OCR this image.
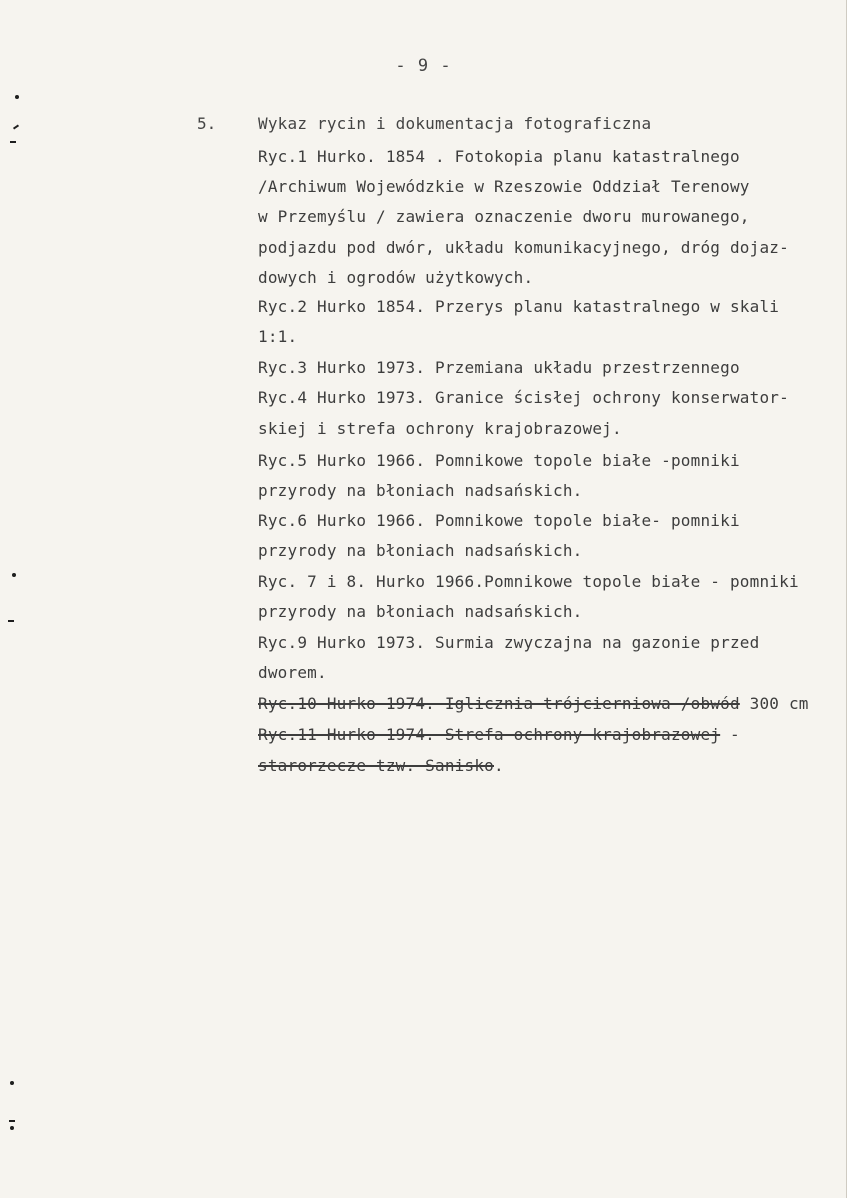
- 9 -
5.	Wykaz rycin i dokumentacja fotograficzna
Ryc.1 Hurko. 1854 . Fotokopia planu katastralnego
/Archiwum Wojewódzkie w Rzeszowie Oddział Terenowy
w Przemyślu / zawiera oznaczenie dworu murowanego,
podjazdu pod dwór, układu komunikacyjnego, dróg dojaz-
dowych i ogrodów użytkowych.
Ryc.2 Hurko 1854. Przerys planu katastralnego w skali
1:1.
Ryc.3 Hurko 1973. Przemiana układu przestrzennego
Ryc.4 Hurko 1973. Granice ścisłej ochrony konserwator-
skiej i strefa ochrony krajobrazowej.
Ryc.5 Hurko 1966. Pomnikowe topole białe -pomniki
przyrody na błoniach nadsańskich.
Ryc.6 Hurko 1966. Pomnikowe topole białe- pomniki
przyrody na błoniach nadsańskich.
Ryc. 7 i 8. Hurko 1966.Pomnikowe topole białe - pomniki
przyrody na błoniach nadsańskich.
Ryc.9 Hurko 1973. Surmia zwyczajna na gazonie przed
dworem.
Ryc.10 Hurko 1974. Iglicznia trójcierniowa /obwód 300 cm
Ryc.11 Hurko 1974. Strefa ochrony krajobrazowej -
starorzecze tzw. Sanisko.
